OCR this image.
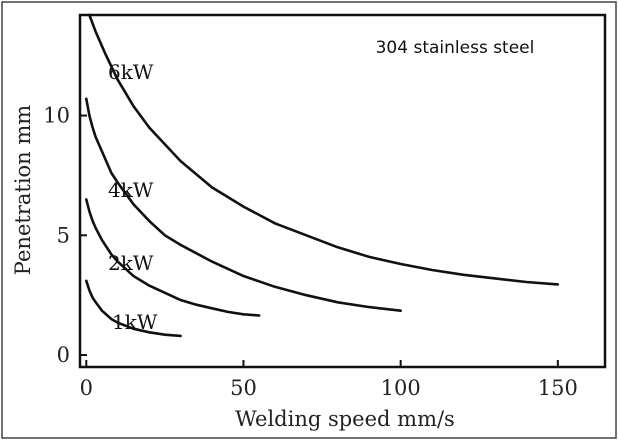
0	50	100	150
0
5
10
6kW
4kW
2kW
1kW
304 stainless steel
Welding speed mm/s
Penetration mm
